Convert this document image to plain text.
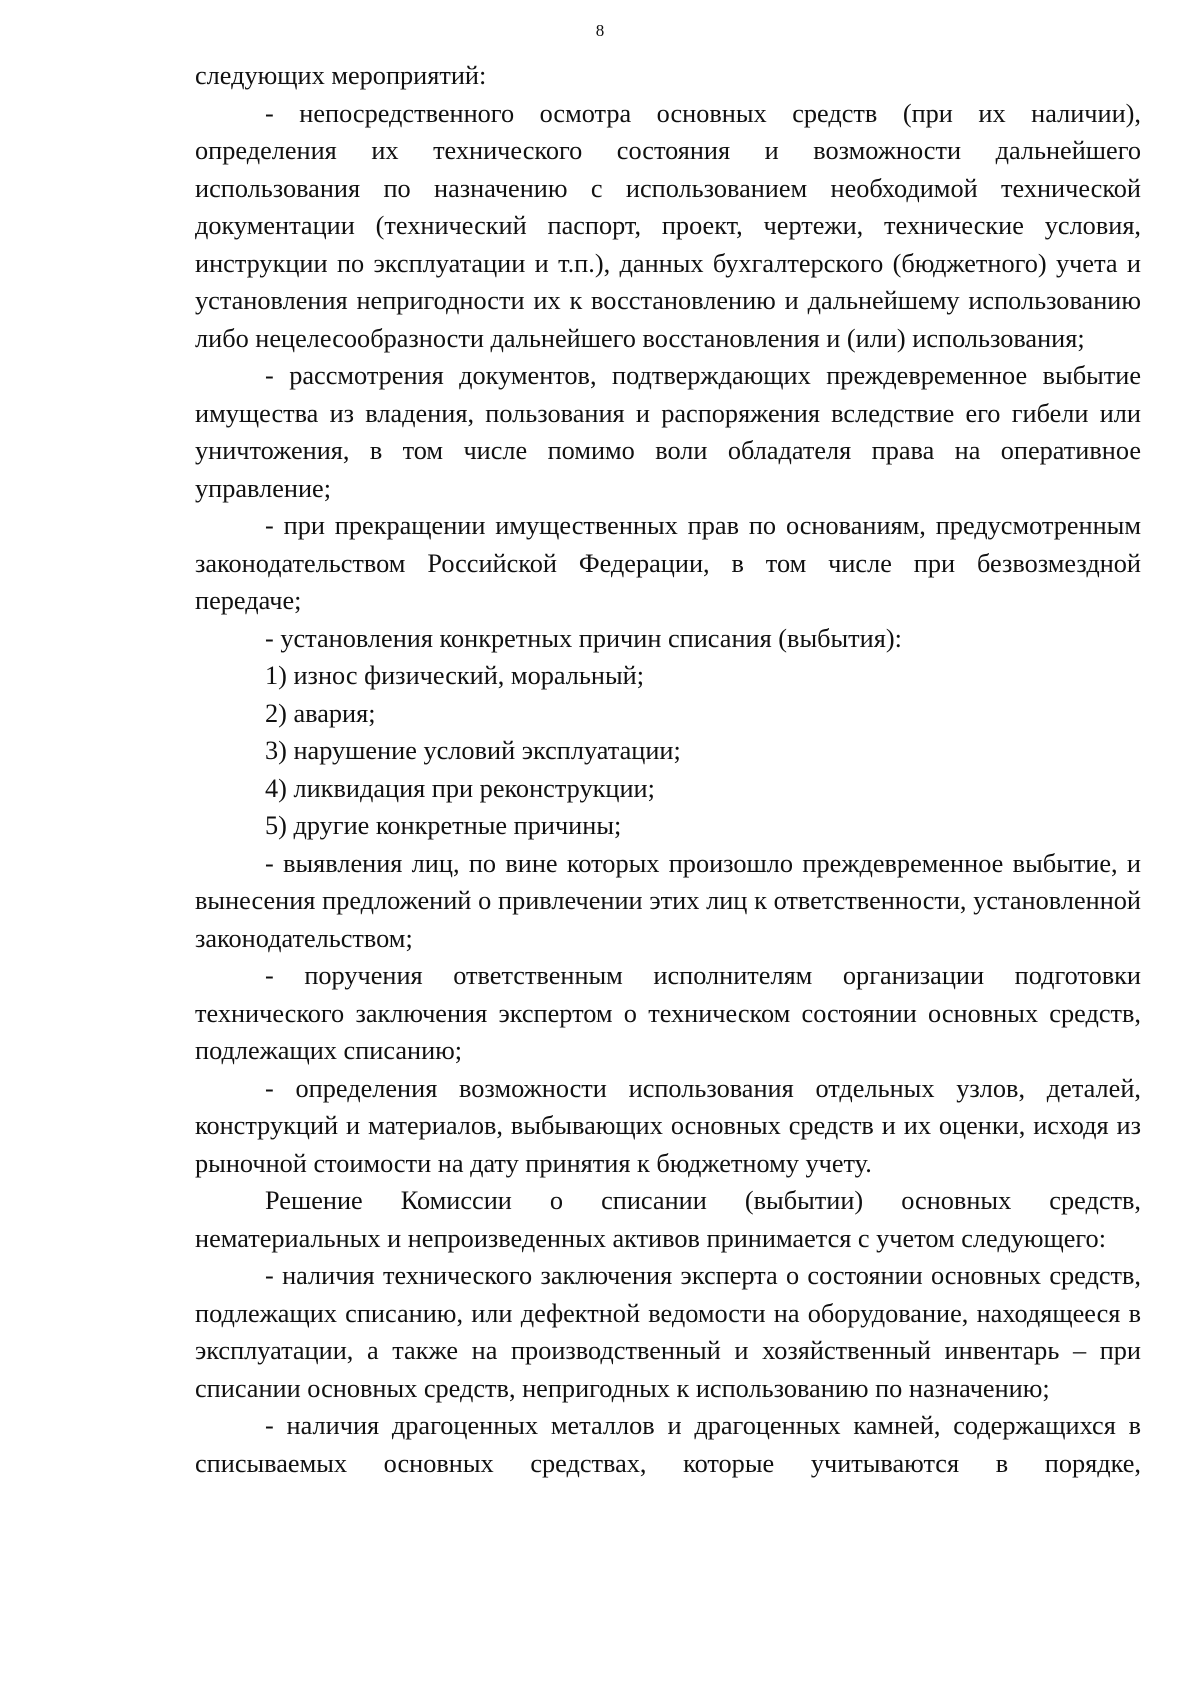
8

следующих мероприятий:

- непосредственного осмотра основных средств (при их наличии), определения их технического состояния и возможности дальнейшего использования по назначению с использованием необходимой технической документации (технический паспорт, проект, чертежи, технические условия, инструкции по эксплуатации и т.п.), данных бухгалтерского (бюджетного) учета и установления непригодности их к восстановлению и дальнейшему использованию либо нецелесообразности дальнейшего восстановления и (или) использования;

- рассмотрения документов, подтверждающих преждевременное выбытие имущества из владения, пользования и распоряжения вследствие его гибели или уничтожения, в том числе помимо воли обладателя права на оперативное управление;

- при прекращении имущественных прав по основаниям, предусмотренным законодательством Российской Федерации, в том числе при безвозмездной передаче;

- установления конкретных причин списания (выбытия):

1) износ физический, моральный;

2) авария;

3) нарушение условий эксплуатации;

4) ликвидация при реконструкции;

5) другие конкретные причины;

- выявления лиц, по вине которых произошло преждевременное выбытие, и вынесения предложений о привлечении этих лиц к ответственности, установленной законодательством;

- поручения ответственным исполнителям организации подготовки технического заключения экспертом о техническом состоянии основных средств, подлежащих списанию;

- определения возможности использования отдельных узлов, деталей, конструкций и материалов, выбывающих основных средств и их оценки, исходя из рыночной стоимости на дату принятия к бюджетному учету.

Решение Комиссии о списании (выбытии) основных средств, нематериальных и непроизведенных активов принимается с учетом следующего:

- наличия технического заключения эксперта о состоянии основных средств, подлежащих списанию, или дефектной ведомости на оборудование, находящееся в эксплуатации, а также на производственный и хозяйственный инвентарь – при списании основных средств, непригодных к использованию по назначению;

- наличия драгоценных металлов и драгоценных камней, содержащихся в списываемых основных средствах, которые учитываются в порядке,
